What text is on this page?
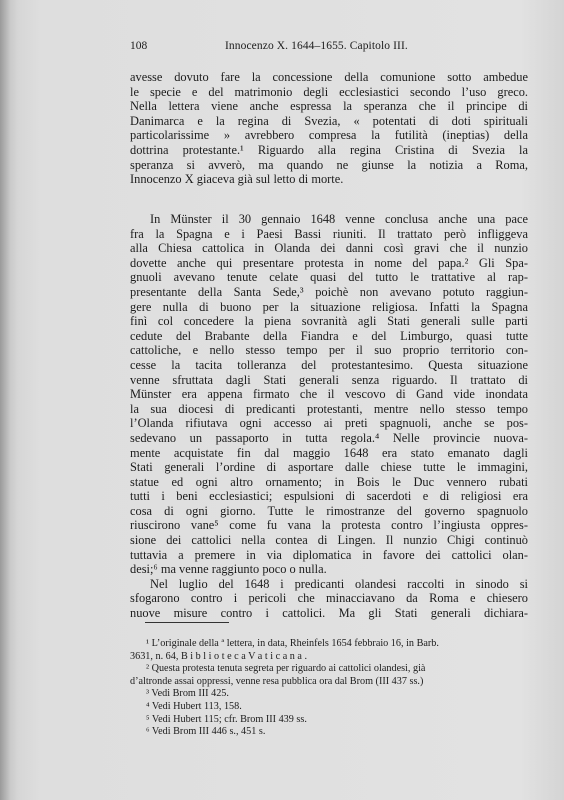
108	Innocenzo X. 1644–1655. Capitolo III.
avesse dovuto fare la concessione della comunione sotto ambedue
le specie e del matrimonio degli ecclesiastici secondo l’uso greco.
Nella lettera viene anche espressa la speranza che il principe di
Danimarca e la regina di Svezia, « potentati di doti spirituali
particolarissime » avrebbero compresa la futilità (ineptias) della
dottrina protestante.¹ Riguardo alla regina Cristina di Svezia la
speranza si avverò, ma quando ne giunse la notizia a Roma,
Innocenzo X giaceva già sul letto di morte.
In Münster il 30 gennaio 1648 venne conclusa anche una pace
fra la Spagna e i Paesi Bassi riuniti. Il trattato però infliggeva
alla Chiesa cattolica in Olanda dei danni così gravi che il nunzio
dovette anche qui presentare protesta in nome del papa.² Gli Spa-
gnuoli avevano tenute celate quasi del tutto le trattative al rap-
presentante della Santa Sede,³ poichè non avevano potuto raggiun-
gere nulla di buono per la situazione religiosa. Infatti la Spagna
finì col concedere la piena sovranità agli Stati generali sulle parti
cedute del Brabante della Fiandra e del Limburgo, quasi tutte
cattoliche, e nello stesso tempo per il suo proprio territorio con-
cesse la tacita tolleranza del protestantesimo. Questa situazione
venne sfruttata dagli Stati generali senza riguardo. Il trattato di
Münster era appena firmato che il vescovo di Gand vide inondata
la sua diocesi di predicanti protestanti, mentre nello stesso tempo
l’Olanda rifiutava ogni accesso ai preti spagnuoli, anche se pos-
sedevano un passaporto in tutta regola.⁴ Nelle provincie nuova-
mente acquistate fin dal maggio 1648 era stato emanato dagli
Stati generali l’ordine di asportare dalle chiese tutte le immagini,
statue ed ogni altro ornamento; in Bois le Duc vennero rubati
tutti i beni ecclesiastici; espulsioni di sacerdoti e di religiosi era
cosa di ogni giorno. Tutte le rimostranze del governo spagnuolo
riuscirono vane⁵ come fu vana la protesta contro l’ingiusta oppres-
sione dei cattolici nella contea di Lingen. Il nunzio Chigi continuò
tuttavia a premere in via diplomatica in favore dei cattolici olan-
desi;⁶ ma venne raggiunto poco o nulla.
Nel luglio del 1648 i predicanti olandesi raccolti in sinodo si
sfogarono contro i pericoli che minacciavano da Roma e chiesero
nuove misure contro i cattolici. Ma gli Stati generali dichiara-
¹ L’originale della ª lettera, in data, Rheinfels 1654 febbraio 16, in Barb.
3631, n. 64, B i b l i o t e c a V a t i c a n a .
² Questa protesta tenuta segreta per riguardo ai cattolici olandesi, già
d’altronde assai oppressi, venne resa pubblica ora dal Brom (III 437 ss.)
³ Vedi Brom III 425.
⁴ Vedi Hubert 113, 158.
⁵ Vedi Hubert 115; cfr. Brom III 439 ss.
⁶ Vedi Brom III 446 s., 451 s.
